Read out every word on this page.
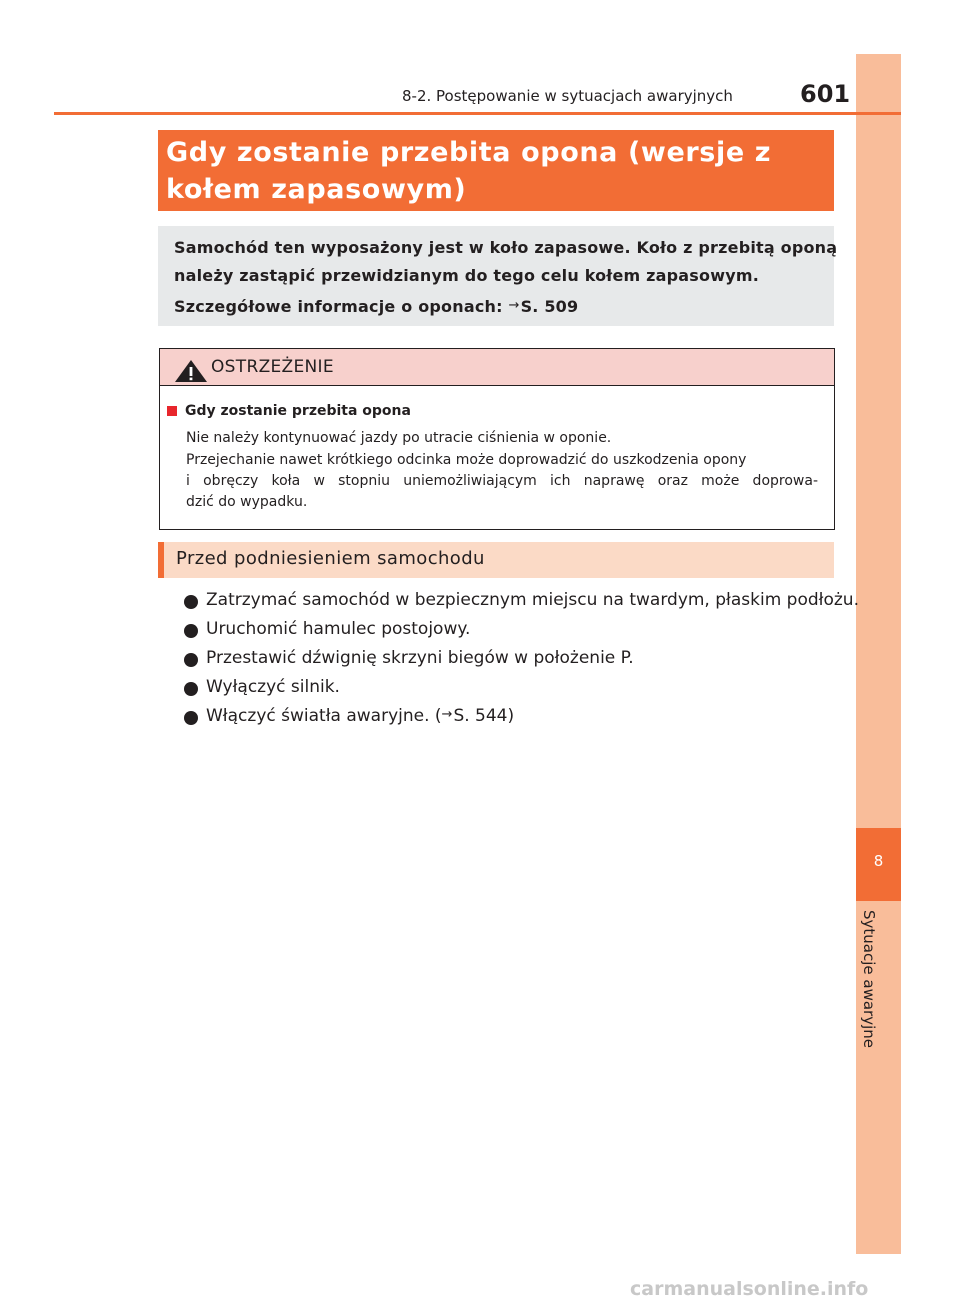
8
Sytuacje awaryjne
8-2. Postępowanie w sytuacjach awaryjnych	601
Gdy zostanie przebita opona (wersje z kołem zapasowym)
Samochód ten wyposażony jest w koło zapasowe. Koło z przebitą oponą
należy zastąpić przewidzianym do tego celu kołem zapasowym.
Szczegółowe informacje o oponach: →S. 509
OSTRZEŻENIE
Gdy zostanie przebita opona
Nie należy kontynuować jazdy po utracie ciśnienia w oponie.
Przejechanie nawet krótkiego odcinka może doprowadzić do uszkodzenia opony
i obręczy koła w stopniu uniemożliwiającym ich naprawę oraz może doprowa-
dzić do wypadku.
Przed podniesieniem samochodu
Zatrzymać samochód w bezpiecznym miejscu na twardym, płaskim podłożu.
Uruchomić hamulec postojowy.
Przestawić dźwignię skrzyni biegów w położenie P.
Wyłączyć silnik.
Włączyć światła awaryjne. (→S. 544)
carmanualsonline.info
